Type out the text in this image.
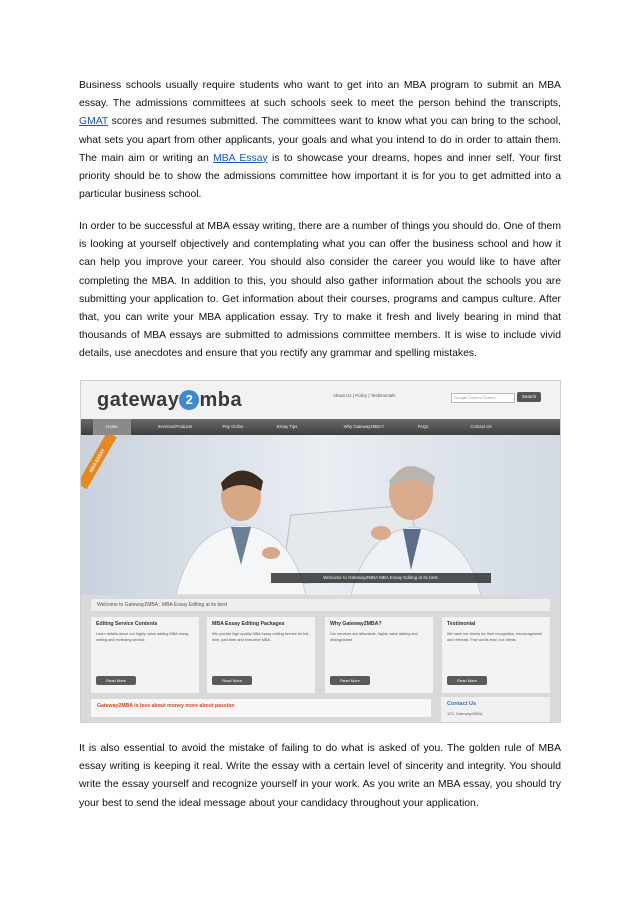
Business schools usually require students who want to get into an MBA program to submit an MBA essay. The admissions committees at such schools seek to meet the person behind the transcripts, GMAT scores and resumes submitted. The committees want to know what you can bring to the school, what sets you apart from other applicants, your goals and what you intend to do in order to attain them. The main aim or writing an MBA Essay is to showcase your dreams, hopes and inner self. Your first priority should be to show the admissions committee how important it is for you to get admitted into a particular business school.

In order to be successful at MBA essay writing, there are a number of things you should do. One of them is looking at yourself objectively and contemplating what you can offer the business school and how it can help you improve your career. You should also consider the career you would like to have after completing the MBA. In addition to this, you should also gather information about the schools you are submitting your application to. Get information about their courses, programs and campus culture. After that, you can write your MBA application essay. Try to make it fresh and lively bearing in mind that thousands of MBA essays are submitted to admissions committee members. It is wise to include vivid details, use anecdotes and ensure that you rectify any grammar and spelling mistakes.

gateway 2 mba	About Us | Policy | Testimonials	Google Custom Search	Search
Home	Services/Products	Pay Online	Essay Tips	Why Gateway2MBA?	FAQs	Contact Us
MBA ESSAY
Welcome to Gateway2MBA MBA Essay Editing at its best.
Welcome to Gateway2MBA : MBA Essay Editing at its best
Editing Service Contents

Learn details about our highly value adding MBA essay writing and reviewing service.

Read More
MBA Essay Editing Packages

We provide high quality MBA essay editing service for full-time, part-time and executive MBA.

Read More
Why Gateway2MBA?

Our services are affordable, highly value adding and distinguished.

Read More
Testimonial

We have our clients for their recognition, encouragement and referrals. Few words from our clients.

Read More
Gateway2MBA is less about money more about passion	Contact Us

123, Gateway2MBA

It is also essential to avoid the mistake of failing to do what is asked of you. The golden rule of MBA essay writing is keeping it real. Write the essay with a certain level of sincerity and integrity. You should write the essay yourself and recognize yourself in your work. As you write an MBA essay, you should try your best to send the ideal message about your candidacy throughout your application.
